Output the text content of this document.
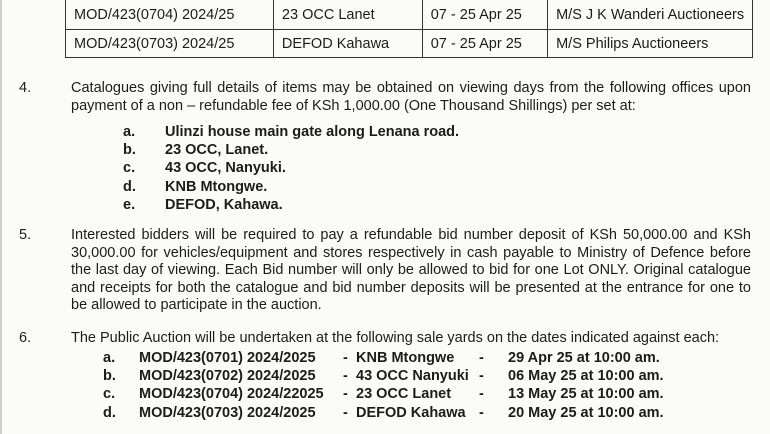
MOD/423(0704) 2024/25	23 OCC Lanet	07 - 25 Apr 25	M/S J K Wanderi Auctioneers
MOD/423(0703) 2024/25	DEFOD Kahawa	07 - 25 Apr 25	M/S Philips Auctioneers
4.	Catalogues giving full details of items may be obtained on viewing days from the following offices upon payment of a non – refundable fee of KSh 1,000.00 (One Thousand Shillings) per set at:
a.	Ulinzi house main gate along Lenana road.
b.	23 OCC, Lanet.
c.	43 OCC, Nanyuki.
d.	KNB Mtongwe.
e.	DEFOD, Kahawa.
5.	Interested bidders will be required to pay a refundable bid number deposit of KSh 50,000.00 and KSh 30,000.00 for vehicles/equipment and stores respectively in cash payable to Ministry of Defence before the last day of viewing. Each Bid number will only be allowed to bid for one Lot ONLY. Original catalogue and receipts for both the catalogue and bid number deposits will be presented at the entrance for one to be allowed to participate in the auction.
6.	The Public Auction will be undertaken at the following sale yards on the dates indicated against each:
a. MOD/423(0701) 2024/2025 - KNB Mtongwe - 29 Apr 25 at 10:00 am.
b. MOD/423(0702) 2024/2025 - 43 OCC Nanyuki - 06 May 25 at 10:00 am.
c. MOD/423(0704) 2024/22025 - 23 OCC Lanet - 13 May 25 at 10:00 am.
d. MOD/423(0703) 2024/2025 - DEFOD Kahawa - 20 May 25 at 10:00 am.
